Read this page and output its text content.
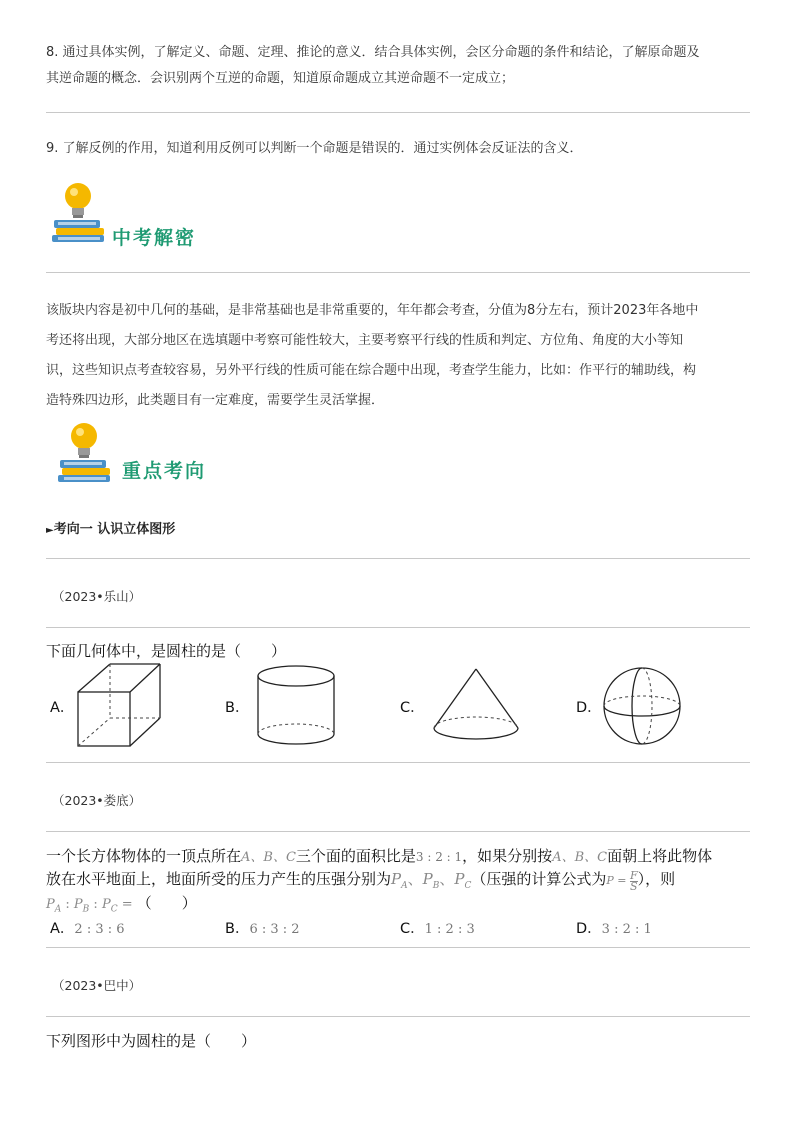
8. 通过具体实例，了解定义、命题、定理、推论的意义．结合具体实例，会区分命题的条件和结论，了解原命题及
其逆命题的概念．会识别两个互逆的命题，知道原命题成立其逆命题不一定成立；
9. 了解反例的作用，知道利用反例可以判断一个命题是错误的．通过实例体会反证法的含义．
中考解密
该版块内容是初中几何的基础，是非常基础也是非常重要的，年年都会考查，分值为8分左右，预计2023年各地中
考还将出现，大部分地区在选填题中考察可能性较大，主要考察平行线的性质和判定、方位角、角度的大小等知
识，这些知识点考查较容易，另外平行线的性质可能在综合题中出现，考查学生能力，比如：作平行的辅助线，构
造特殊四边形，此类题目有一定难度，需要学生灵活掌握．
重点考向
►考向一 认识立体图形
（2023•乐山）
下面几何体中，是圆柱的是（　　）
A．	B．	C．	D．
（2023•娄底）
一个长方体物体的一顶点所在A、B、C三个面的面积比是3 : 2 : 1，如果分别按A、B、C面朝上将此物体
放在水平地面上，地面所受的压力产生的压强分别为$P_A$、$P_B$、$P_C$（压强的计算公式为$P = \frac{F}{S}$ ），则
$P_A$ : $P_B$ : $P_C$ = （　　）
A．2 : 3 : 6	B．6 : 3 : 2	C．1 : 2 : 3	D．3 : 2 : 1
（2023•巴中）
下列图形中为圆柱的是（　　）
